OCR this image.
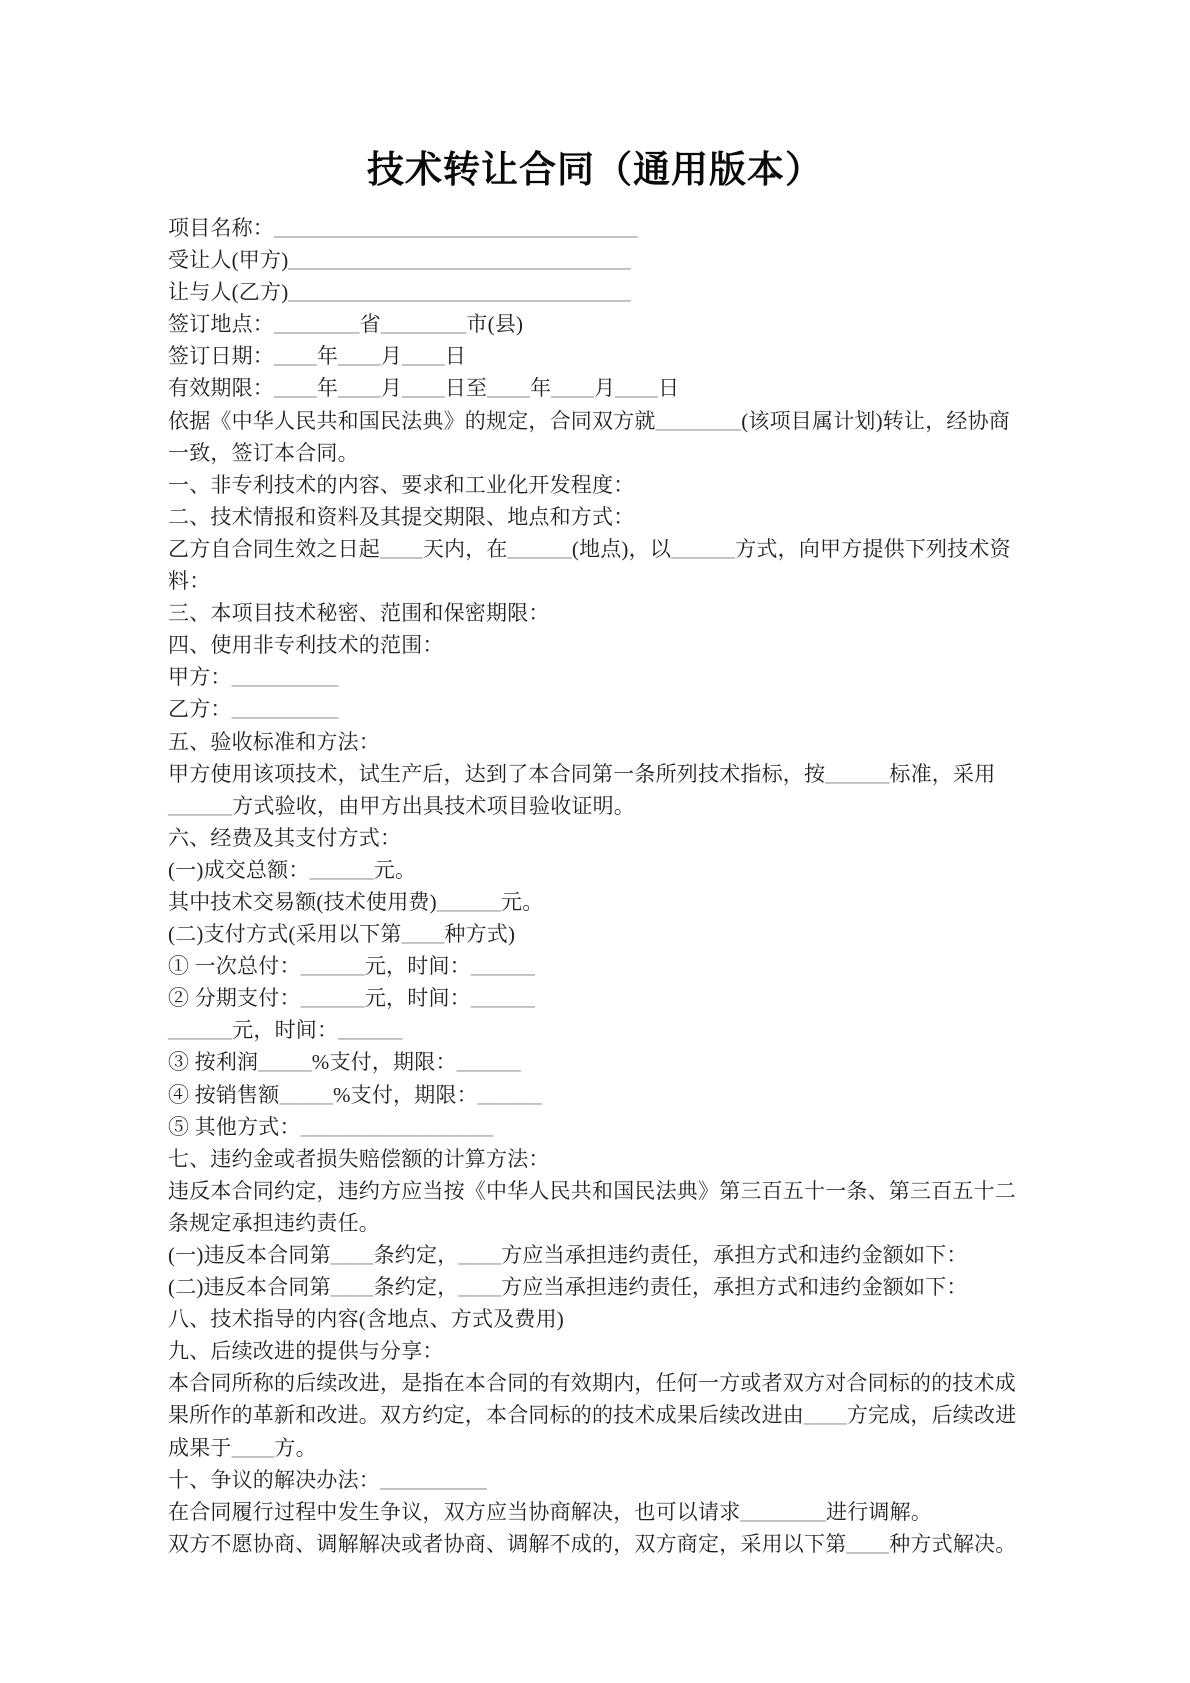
技术转让合同（通用版本）

项目名称：__________________________________

受让人(甲方)________________________________

让与人(乙方)________________________________

签订地点：________省________市(县)

签订日期：____年____月____日

有效期限：____年____月____日至____年____月____日

依据《中华人民共和国民法典》的规定，合同双方就________(该项目属计划)转让，经协商一致，签订本合同。

一、非专利技术的内容、要求和工业化开发程度：

二、技术情报和资料及其提交期限、地点和方式：

乙方自合同生效之日起____天内，在______(地点)，以______方式，向甲方提供下列技术资料：

三、本项目技术秘密、范围和保密期限：

四、使用非专利技术的范围：

甲方：__________

乙方：__________

五、验收标准和方法：

甲方使用该项技术，试生产后，达到了本合同第一条所列技术指标，按______标准，采用______方式验收，由甲方出具技术项目验收证明。

六、经费及其支付方式：

(一)成交总额：______元。

其中技术交易额(技术使用费)______元。

(二)支付方式(采用以下第____种方式)

① 一次总付：______元，时间：______

② 分期支付：______元，时间：______

______元，时间：______

③ 按利润_____%支付，期限：______

④ 按销售额_____%支付，期限：______

⑤ 其他方式：__________________

七、违约金或者损失赔偿额的计算方法：

违反本合同约定，违约方应当按《中华人民共和国民法典》第三百五十一条、第三百五十二条规定承担违约责任。

(一)违反本合同第____条约定，____方应当承担违约责任，承担方式和违约金额如下：

(二)违反本合同第____条约定，____方应当承担违约责任，承担方式和违约金额如下：

八、技术指导的内容(含地点、方式及费用)

九、后续改进的提供与分享：

本合同所称的后续改进，是指在本合同的有效期内，任何一方或者双方对合同标的的技术成果所作的革新和改进。双方约定，本合同标的的技术成果后续改进由____方完成，后续改进成果于____方。

十、争议的解决办法：__________

在合同履行过程中发生争议，双方应当协商解决，也可以请求________进行调解。

双方不愿协商、调解解决或者协商、调解不成的，双方商定，采用以下第____种方式解决。
